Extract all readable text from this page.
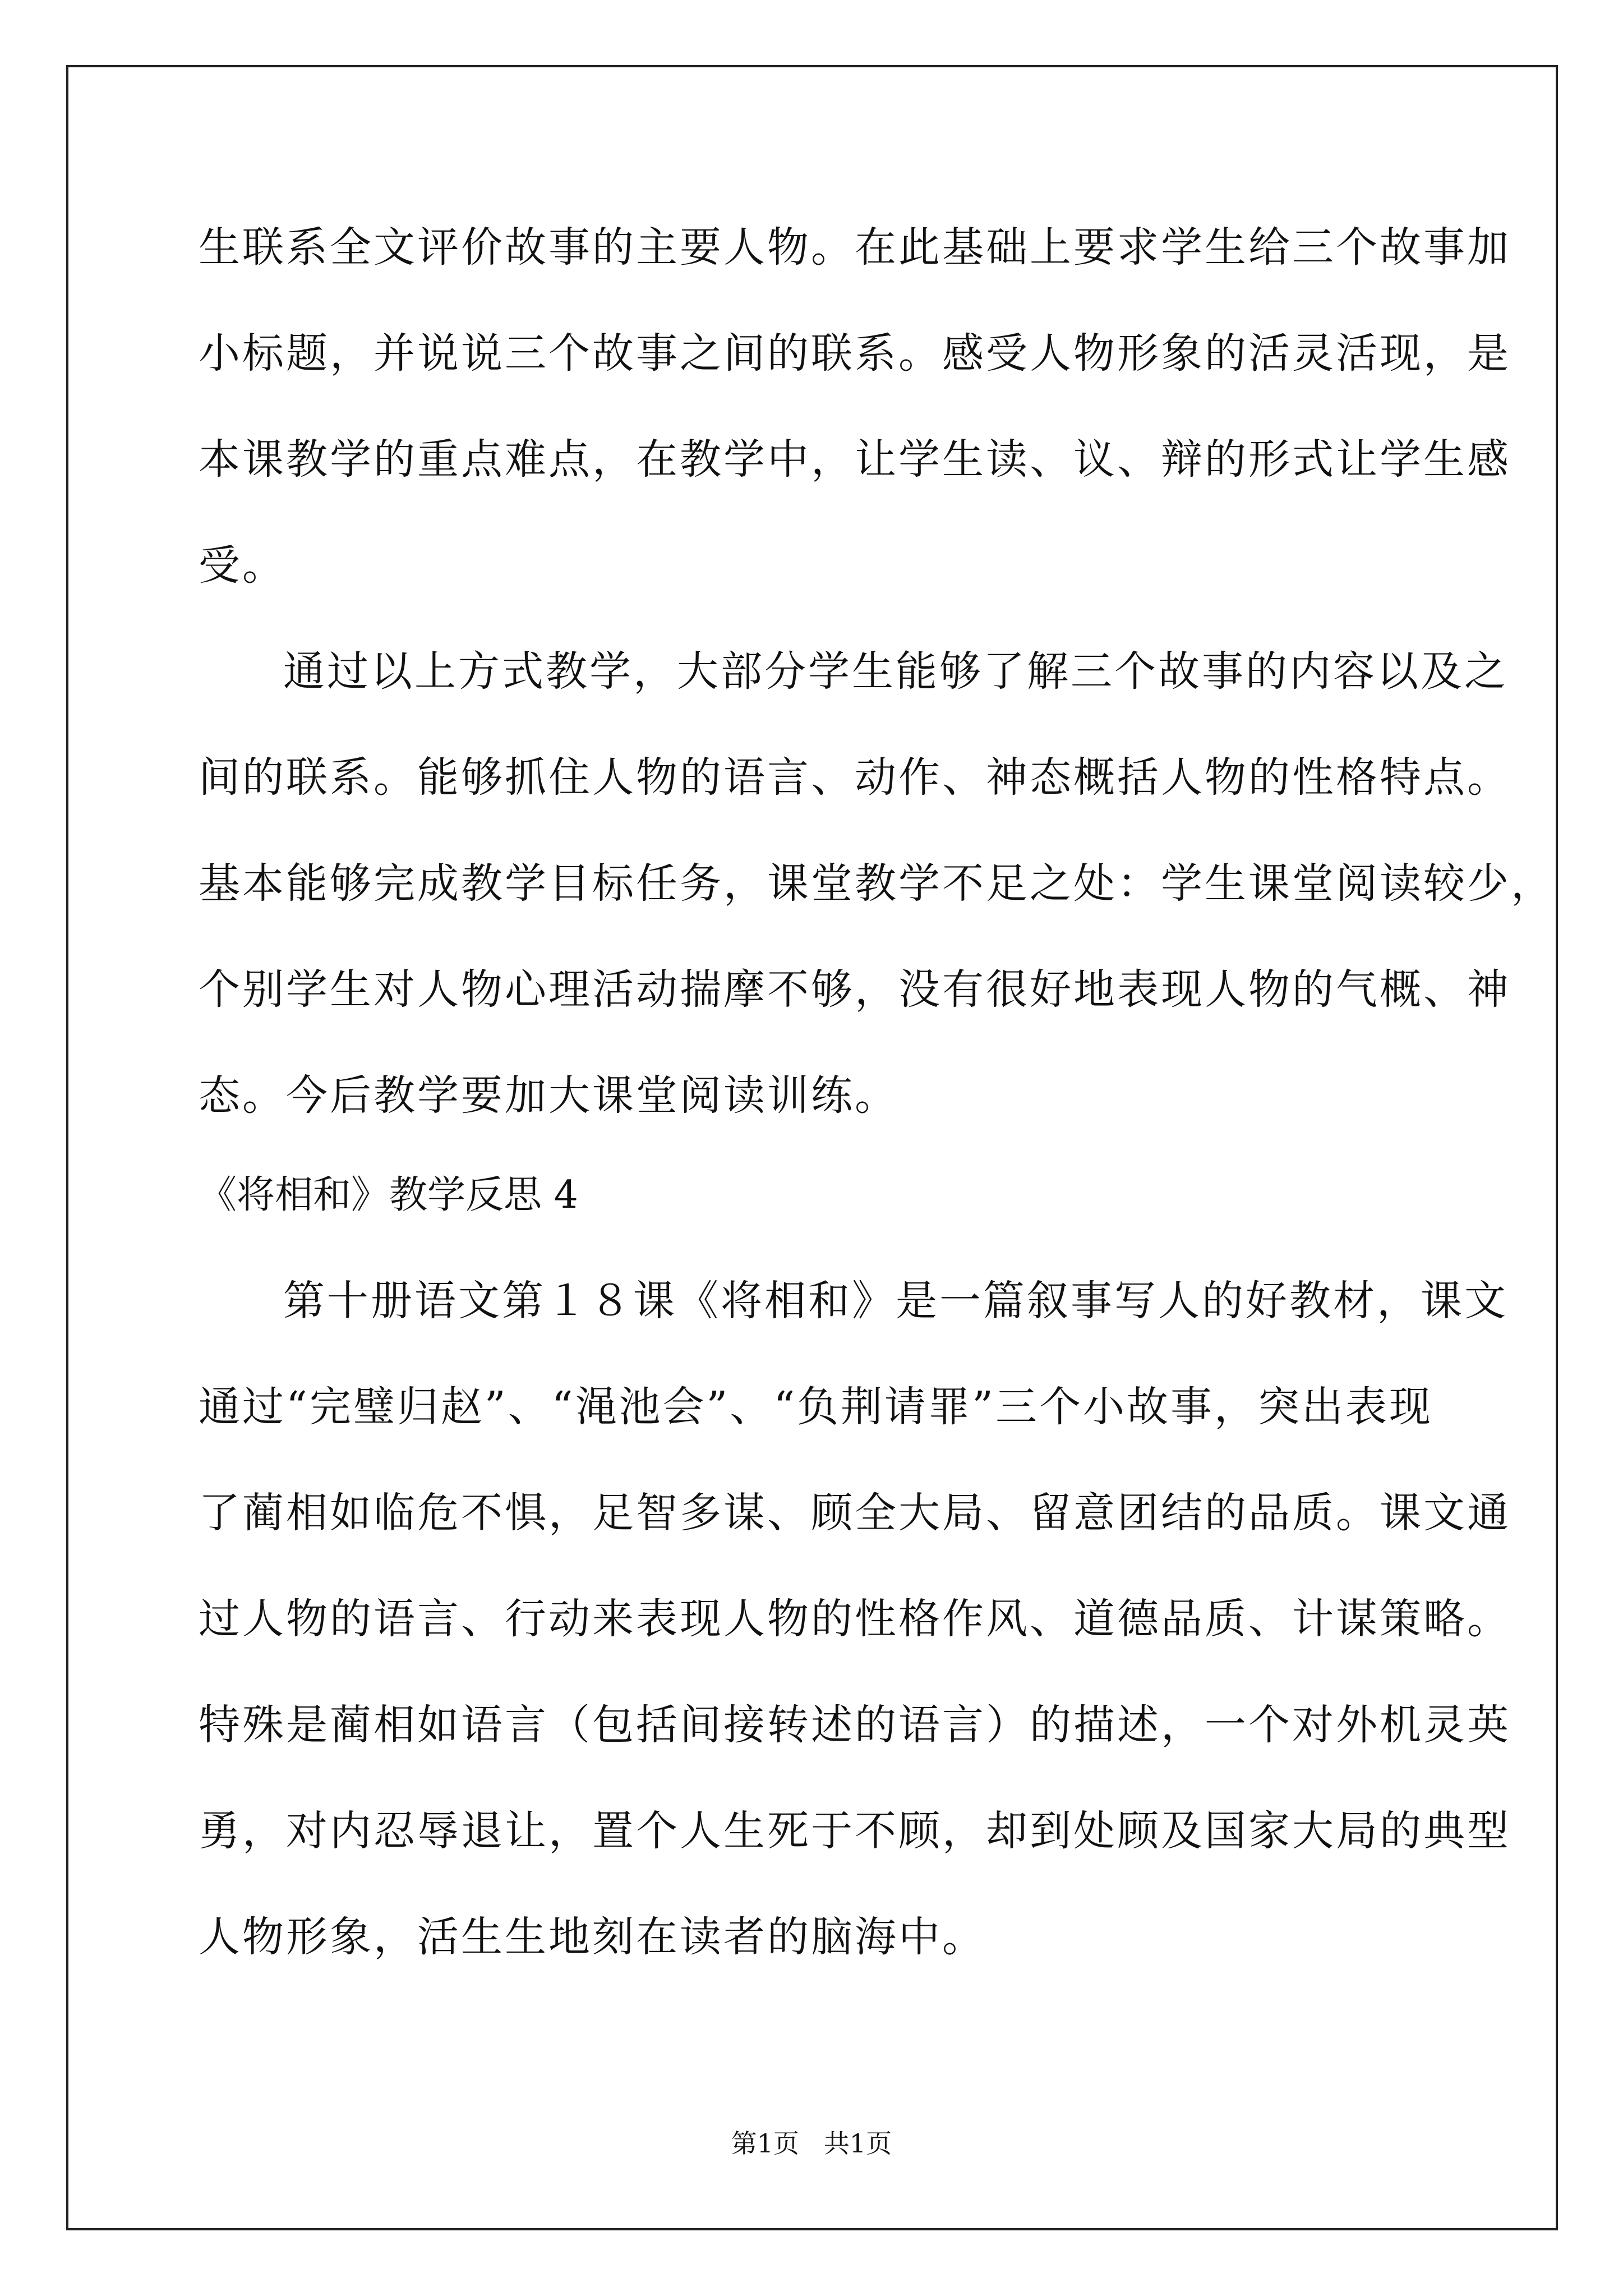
生联系全文评价故事的主要人物。在此基础上要求学生给三个故事加

小标题，并说说三个故事之间的联系。感受人物形象的活灵活现，是

本课教学的重点难点，在教学中，让学生读、议、辩的形式让学生感

受。

通过以上方式教学，大部分学生能够了解三个故事的内容以及之

间的联系。能够抓住人物的语言、动作、神态概括人物的性格特点。

基本能够完成教学目标任务，课堂教学不足之处：学生课堂阅读较少，

个别学生对人物心理活动揣摩不够，没有很好地表现人物的气概、神

态。今后教学要加大课堂阅读训练。

《将相和》教学反思 4

第十册语文第１８课《将相和》是一篇叙事写人的好教材，课文

通过“完璧归赵”、“渑池会”、“负荆请罪”三个小故事，突出表现

了蔺相如临危不惧，足智多谋、顾全大局、留意团结的品质。课文通

过人物的语言、行动来表现人物的性格作风、道德品质、计谋策略。

特殊是蔺相如语言（包括间接转述的语言）的描述，一个对外机灵英

勇，对内忍辱退让，置个人生死于不顾，却到处顾及国家大局的典型

人物形象，活生生地刻在读者的脑海中。

第1页   共1页
